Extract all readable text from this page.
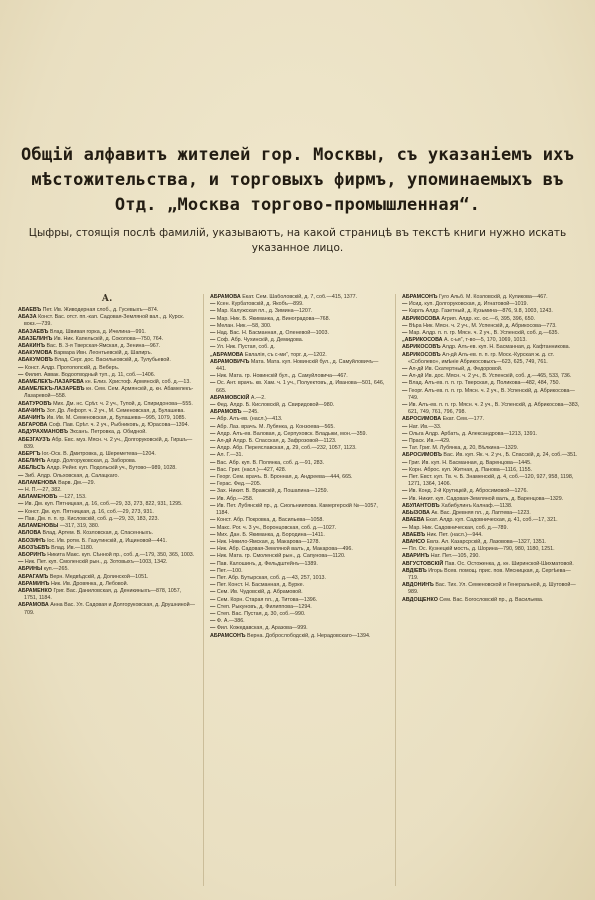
Общій алфавитъ жителей гор. Москвы, съ указаніемъ ихъ мѣстожительства, и торговыхъ фирмъ, упоминаемыхъ въ Отд. „Москва торгово-промышленная“.

Цыфры, стоящія послѣ фамилій, указываютъ, на какой страницѣ въ текстѣ книги нужно искать указанное лицо.

А.

АБАЕВЪ Пет. Ив. Живодерная слоб., д. Гусевыхъ—874.

АБАЗА Конст. Вас. отст. пп.-кап. Садовая-Земляной вал., д. Курск. вокз.—739.

АБАЗАЕВЪ Влад. Швивая горка, д. Ичелина—991.

АБАЗЕЛИНЪ Ив. Ник. Капельскій, д. Соколова—750, 764.

АБАКИНЪ Вас. В. 3-я Тверская-Ямская, д. Зенина—967.

АБАКУМОВА Варвара Ивн. Леонтьевскій, д. Шапиръ.

АБАКУМОВЪ Влад. Серг. дос. Васильковскій, д. Тулубьевой.

— Конст. Алдр. Протопопскій, д. Веберъ.

— Филип. Аввак. Водоотводный туп., д. 11, соб.—1406.

АБАМЕЛЕКЪ-ЛАЗАРЕВА кн. Елиз. Христоф. Армянскій, соб. д.—13.

АБАМЕЛЕКЪ-ЛАЗАРЕВЪ кн. Сем. Сем. Армянскій, д. кн. Абамелекъ-Лазаревой—558.

АБАТУРОВЪ Мих. Дм. нс. Срѣт. ч. 2 уч., Тупой, д. Спиридонова—555.

АБАЧИНЪ Зот. Др. Лефорт. ч. 2 уч., М. Семеновская, д. Булашева.

АБАЧИНЪ Ив. Ив. М. Семеновская, д. Булашева—995, 1079, 1085.

АБГАРОВА Соф. Пав. Срѣт. ч. 2 уч., Рыбниковъ, д. Юрасова—1394.

АБДУРАХМАНОВЪ Эксанъ. Петровка, д. Обидной.

АБЕЗГАУЗЪ Абр. Евс. муз. Мясн. ч. 2 уч., Долгоруковскій, д. Гиршъ—839.

АБЕРГЪ Іог.-Оск. В. Дмитровка, д. Шереметева—1204.

АБЕЛИНЪ Алдр. Долгоруковская, д. Заборова.

АБЕЛЬСЪ Алдр. Рейнг. куп. Подольскій уч., Бутово—989, 1028.

— Зиб. Алдр. Ольховская, д. Салацкаго.

АБЛАМЕНОВА Варв. Дм.—29.

— Н. П.—27, 382.

АБЛАМЕНОВЪ —127, 153.

— Ив. Дм. куп. Пятницкая, д. 16, соб.—29, 33, 273, 822, 931, 1295.

— Конст. Дм. куп. Пятницкая, д. 16, соб.—29, 273, 931.

— Пав. Дм. п. п. гр. Кисловскій, соб. д.—29, 33, 183, 223.

АБЛАМЕНОВЫ —317, 319, 380.

АБЛОВА Влад. Артем. В. Козловская, д. Спасенныхъ.

АБОЗИНЪ Іос. Ив. ротм. Б. Газутинскій, д. Ищиновой—441.

АБОЗЪЕВЪ Влад. Ив.—1180.

АБОРИНЪ Никита Макс. куп. Сѣнной пр., соб. д.—179, 350, 365, 1003.

— Ник. Пет. куп. Смоленскій рын., д. Зотовыхъ—1003, 1342.

АБРИНЫ куп.—265.

АБРАГАМЪ Верн. Медвѣдскій, д. Долинской—1051.

АБРАМИНЪ Ник. Ив. Дровянка, д. Лебовой.

АБРАМЕНКО Григ. Вас. Даниловская, д. Деникиныхъ—878, 1057, 1751, 1184.

АБРАМОВА Анна Вас. Ул. Садовая и Долгоруковская, д. Друшниной—709.

АБРАМОВА Екат. Сем. Шаболовскій, д. 7, соб.—415, 1377.

— Ксен. Курбатовскій, д. Якобъ—899.

— Мар. Калужская пл., д. Зимина—1207.

— Мар. Ник. Б. Якиманка, д. Виноградова—768.

— Мелан. Ник.—58, 300.

— Над. Вас. Н. Басманная, д. Оленевой—1003.

— Соф. Абр. Чухинскій, д. Демидова.

— Ул. Ник. Пустая, соб. д.

„АБРАМОВА Евлалія, съ с-ми“, торг. д.—1202.

АБРАМОВИЧЪ Мата. Мата. куп. Новинскій бул., д. Самуйловичъ—441.

— Ник. Мата. гр. Новинскій бул., д. Самуйловича—467.

— Ос. Ант. врачъ. кв. Хам. ч. 1 уч., Полуектовъ, д. Иванова—501, 646, 665.

АБРАМОВСКІЙ А.—2.

— Фед. Алдр. Б. Кисловскій, д. Свиридовой—980.

АБРАМОВЪ —245.

— Абр. Алъ-ев. (насл.)—413.

— Абр. Лаз. врачъ. М. Лубянка, д. Конзоева—565.

— Алдр. Алъ-ев. Валовая, д. Серпуховск. Владыки, мон.—359.

— Ал-дй Алдр. Б. Спасская, д. Зафрозовой—1123.

— Алдр. Абр. Переяславская, д. 29, соб.—232, 1057, 1123.

— Ал. Г.—31.

— Вас. Абр. куп. В. Полянка, соб. д.—91, 283.

— Вас. Григ. (насл.)—427, 428.

— Георг. Сем. врачъ. В. Бронная, д. Андреева—444, 665.

— Герас. Фед.—205.

— Зах. Никит. В. Вражскій, д. Пошапина—1259.

— Ив. Абр.—258.

— Ив. Пет. Лубянскій пр., д. Сиольниипова. Камергерскій №—1057, 1184.

— Конст. Абр. Покровка, д. Васильева—1058.

— Макс. Рог. ч. 3 уч., Воронцовская, соб. д.—1027.

— Мих. Дан. Б. Якиманка, д. Бородина—1411.

— Ник. Никило-Ямская, д. Макарова—1278.

— Ник. Абр. Садовая-Земляной валъ, д. Макарова—496.

— Ник. Мата. гр. Смоленскій рын., д. Сапунова—1120.

— Пав. Калошинъ, д. Фельдштейнъ—1389.

— Пет.—100.

— Пет. Абр. Бутырская, соб. д.—43, 257, 1013.

— Пет. Конст. Н. Басманная, д. Бурке.

— Сем. Ив. Чудовскій, д. Абрамовой.

— Сем. Корн. Старая пл., д. Титова—1396.

— Степ. Рыкуновъ, д. Филиппова—1294.

— Степ. Вас. Пустая, д. 30, соб.—990.

— Ф. А.—386.

— Фил. Кожедавская, д. Аразова—999.

АБРАМСОНЪ Верна. Доброслободскій, д. Нерадовскаго—1394.

АБРАМСОНЪ Гуго Альб. М. Козловскій, д. Куликова—467.

— Исид. куп. Долгоруковская, д. Игнатовой—1019.

— Карлъ Алдр. Газетный, д. Кузьмина—876, 9.8, 1003, 1243.

АБРИКОСОВА Агрип. Алдр. кс. ос.—6, 395, 396, 650.

— Вѣра Ник. Мясн. ч. 2 уч., М. Успенскій, д. Абрикосова—773.

— Мар. Алдр. п. п. гр. Мясн. ч. 2 уч., В. Успенскій, соб. д.—635.

„АБРИКОСОВА А. с-ья“, т-во—5, 170, 1069, 1013.

АБРИКОСОВЪ Алдр. Алъ-ев. куп. Н. Басманная, д. Кафтанникова.

АБРИКОСОВЪ Ал-дй Алъ-ев. п. п. гр. Моск.-Курская ж. д. ст. «Соболево», имѣніе Абрикосовыхъ—623, 625, 749, 761.

— Ал-дй Ив. Скатертный, д. Федоровой.

— Ал-дй Ив. дос. Мясн. ч. 2 уч., В. Успенскій, соб. д.—465, 533, 736.

— Влад. Алъ-ев. п. п. гр. Тверская, д. Поликова—482, 484, 750.

— Георг. Алъ-ев. п. п. гр. Мясн. ч. 2 уч., В. Успенскій, д. Абрикосова—749.

— Ив. Алъ-ев. п. п. гр. Мясн. ч. 2 уч., В. Успенскій, д. Абрикосова—383, 621, 749, 761, 796, 798.

АБРОСИМОВА Екат. Сем.—177.

— Нат. Ив.—33.

— Ольга Алдр. Арбатъ, д. Александрова—1213, 1391.

— Праск. Ив.—429.

— Тат. Григ. М. Лубянка, д. 20, Вѣлкина—1329.

АБРОСИМОВЪ Вас. Ив. куп. Як. ч. 2 уч., Б. Спасскій, д. 24, соб.—351.

— Григ. Ив. куп. Н. Басманная, д. Варенцова—1445.

— Корн. Аброс. куп. Житная, д. Панова—1116, 1155.

— Пет. Евст. куп. Тв. ч. Б. Знаменскій, д. 4, соб.—120, 927, 958, 1198, 1271, 1364, 1406.

— Ив. Конд. 2-й Крутицкій, д. Абросимовой—1276.

— Ив. Никит. куп. Садовая-Земляной валъ, д. Варенцова—1329.

АБУЛАНТОВЪ Хабибулинъ Калнаф.—1138.

АБЫЗОВА Ак. Вас. Древняя пл., д. Лаптева—1223.

АВАЕВА Екат. Алдр. куп. Садовническая, д. 41, соб.—17, 321.

— Мар. Ник. Садовническая, соб. д.—789.

АВАЕВЪ Ник. Пет. (насл.)—944.

АВАНСО Евлз. Ал. Казарсрскій, д. Лазовова—1327, 1351.

— Пл. Ос. Кузнецкій мостъ, д. Шорина—790, 980, 1180, 1251.

АВАРИНЪ Нат. Пет.—105, 290.

АВГУСТОВСКІЙ Пав. Ос. Остоженка, д. кн. Ширинской-Шихматовой.

АВДІЕВЪ Игорь Всев. помощ. прис. пов. Мясницкая, д. Сергѣева—719.

АВДОНИНЪ Вас. Тих. Ул. Семеновской и Генеральной, д. Шутовой—989.

АВДОЩЕНКО Сем. Вас. Богословскій пр., д. Васильева.
